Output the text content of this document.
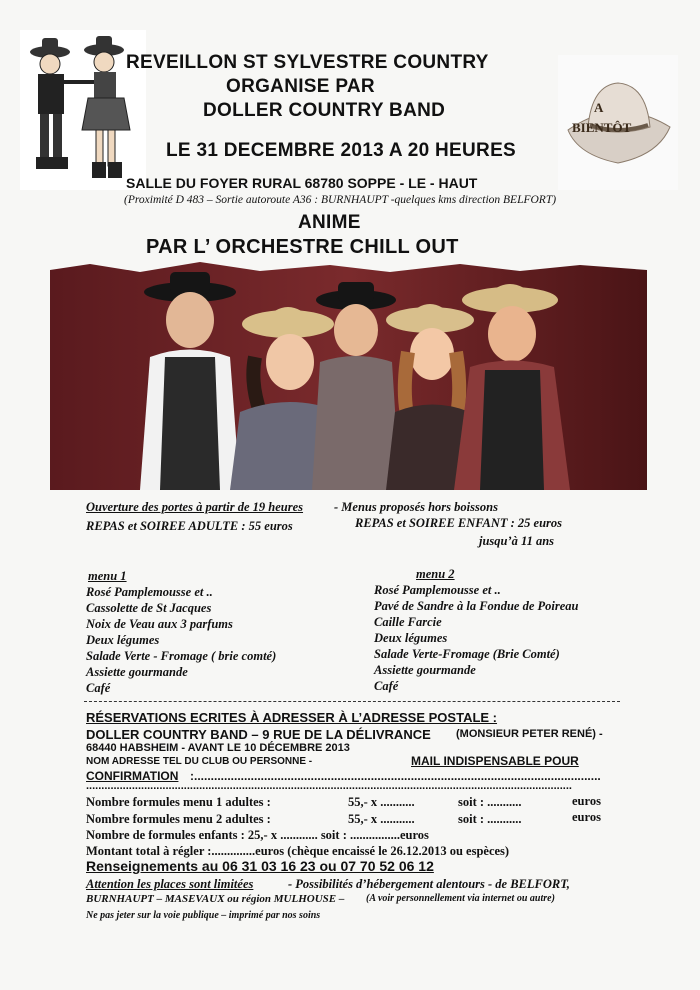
A
BIENTÔT
REVEILLON ST SYLVESTRE COUNTRY
ORGANISE PAR
DOLLER COUNTRY BAND
LE 31 DECEMBRE 2013 A 20 HEURES
SALLE DU FOYER RURAL 68780 SOPPE - LE - HAUT
(Proximité D 483 – Sortie autoroute A36 : BURNHAUPT -quelques kms direction BELFORT)
ANIME
PAR L’ ORCHESTRE CHILL OUT
Ouverture des portes à partir de 19 heures - Menus proposés hors boissons
REPAS et SOIREE ADULTE : 55 euros	REPAS et SOIREE ENFANT : 25 euros
jusqu’à 11 ans
menu 1
Rosé Pamplemousse et ..
Cassolette de St Jacques
Noix de Veau aux 3 parfums
Deux légumes
Salade Verte - Fromage ( brie comté)
Assiette gourmande
Café
menu 2
Rosé Pamplemousse et ..
Pavé de Sandre à la Fondue de Poireau
Caille Farcie
Deux légumes
Salade Verte-Fromage (Brie Comté)
Assiette gourmande
Café
RÉSERVATIONS ECRITES À ADRESSER À L’ADRESSE POSTALE :
DOLLER COUNTRY BAND – 9 RUE DE LA DÉLIVRANCE (MONSIEUR PETER RENÉ) -
68440 HABSHEIM - AVANT LE 10 DÉCEMBRE 2013
NOM ADRESSE TEL DU CLUB OU PERSONNE -	MAIL INDISPENSABLE POUR
CONFIRMATION :..........................................................................................................................
...............................................................................................................................................................
Nombre formules menu 1 adultes :	55,- x ...........	soit : ...........	euros
Nombre formules menu 2 adultes :	55,- x ...........	soit : ...........	euros
Nombre de formules enfants : 25,- x ............ soit : ................euros
Montant total à régler :..............euros (chèque encaissé le 26.12.2013 ou espèces)
Renseignements au 06 31 03 16 23 ou 07 70 52 06 12
Attention les places sont limitées	- Possibilités d’hébergement alentours - de BELFORT,
BURNHAUPT – MASEVAUX ou région MULHOUSE – (A voir personnellement via internet ou autre)
Ne pas jeter sur la voie publique – imprimé par nos soins
